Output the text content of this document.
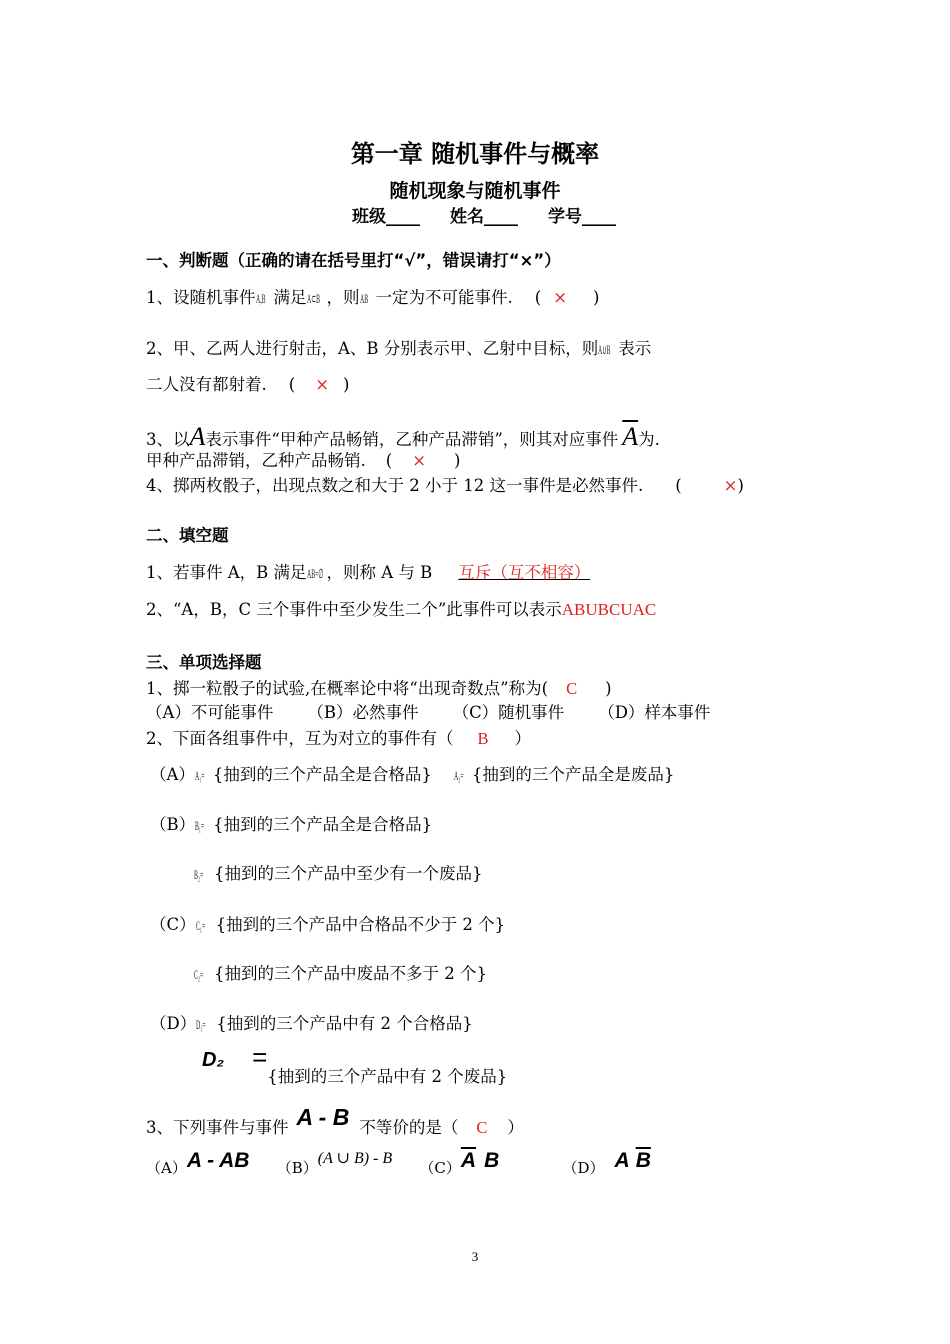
第一章 随机事件与概率
随机现象与随机事件
班级____ 姓名____ 学号____
一、判断题（正确的请在括号里打“√”，错误请打“×”）
1、设随机事件A,B 满足A⊂B ，则AB 一定为不可能事件. ( × )
2、甲、乙两人进行射击，A、B 分别表示甲、乙射中目标，则A∪B 表示
二人没有都射着. ( × )
3、以A表示事件“甲种产品畅销，乙种产品滞销”，则其对应事件 $\overline{A}$为.
甲种产品滞销，乙种产品畅销. ( × )
4、掷两枚骰子，出现点数之和大于 2 小于 12 这一事件是必然事件. (	×)
二、填空题
1、若事件 A，B 满足AB=∅ ，则称 A 与 B 互斥（互不相容）
2、“A，B，C 三个事件中至少发生二个”此事件可以表示ABUBCUAC
三、单项选择题
1、掷一粒骰子的试验,在概率论中将“出现奇数点”称为( C )
（A）不可能事件 （B）必然事件 （C）随机事件 （D）样本事件
2、下面各组事件中，互为对立的事件有（ B ）
（A）A₁= {抽到的三个产品全是合格品} A₂= {抽到的三个产品全是废品}
（B）B₁= {抽到的三个产品全是合格品}
B₂= {抽到的三个产品中至少有一个废品}
（C）C₁= {抽到的三个产品中合格品不少于 2 个}
C₂= {抽到的三个产品中废品不多于 2 个}
（D）D₁= {抽到的三个产品中有 2 个合格品}
D₂ ={抽到的三个产品中有 2 个废品}
3、下列事件与事件 A - B 不等价的是（ C ）
（A）A - AB （B）(A ∪ B) - B $(C)\overline{A}$ B	（D） A $\overline{B}$
3
